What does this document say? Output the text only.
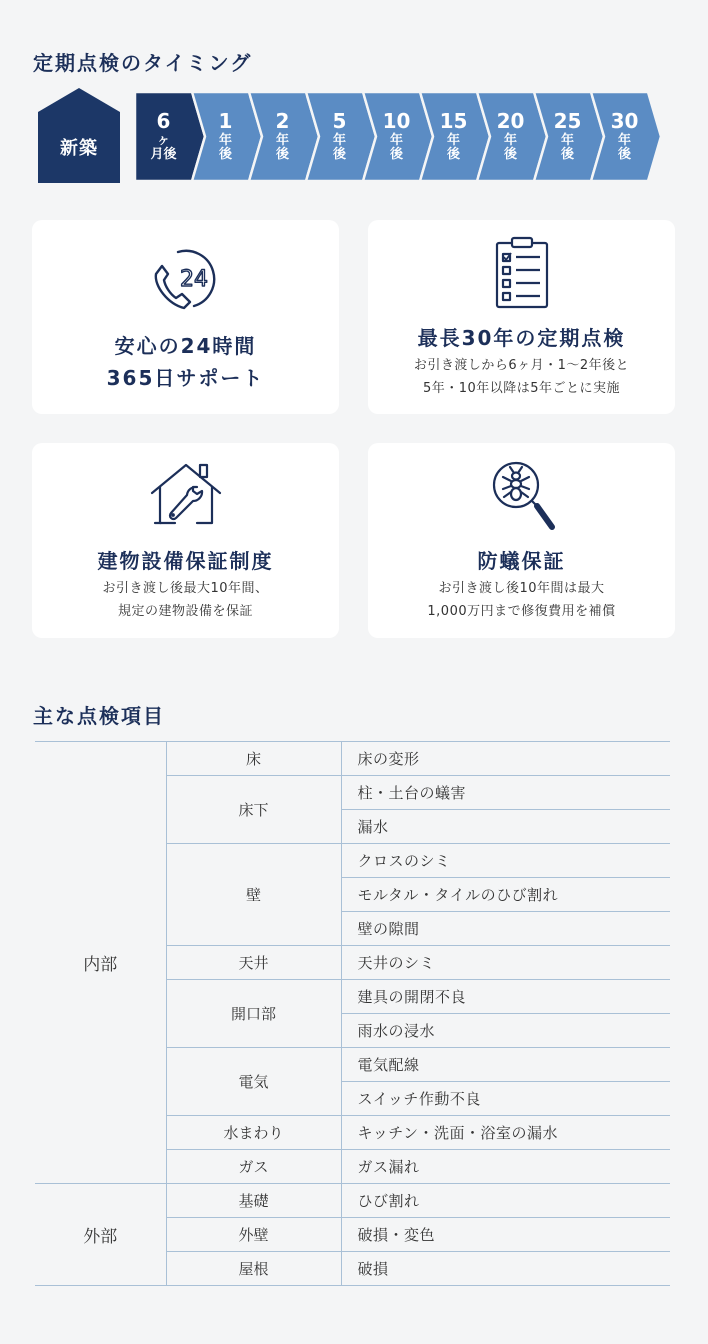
定期点検のタイミング
新築
6
ヶ
月後
1
年
後
2
年
後
5
年
後
10
年
後
15
年
後
20
年
後
25
年
後
30
年
後
24
安心の24時間
365日サポート
最長30年の定期点検
お引き渡しから6ヶ月・1～2年後と
5年・10年以降は5年ごとに実施
建物設備保証制度
お引き渡し後最大10年間、
規定の建物設備を保証
防蟻保証
お引き渡し後10年間は最大
1,000万円まで修復費用を補償
主な点検項目
内部	床	床の変形
	床下	柱・土台の蟻害
		漏水
	壁	クロスのシミ
		モルタル・タイルのひび割れ
		壁の隙間
	天井	天井のシミ
	開口部	建具の開閉不良
		雨水の浸水
	電気	電気配線
		スイッチ作動不良
	水まわり	キッチン・洗面・浴室の漏水
	ガス	ガス漏れ
外部	基礎	ひび割れ
	外壁	破損・変色
	屋根	破損
